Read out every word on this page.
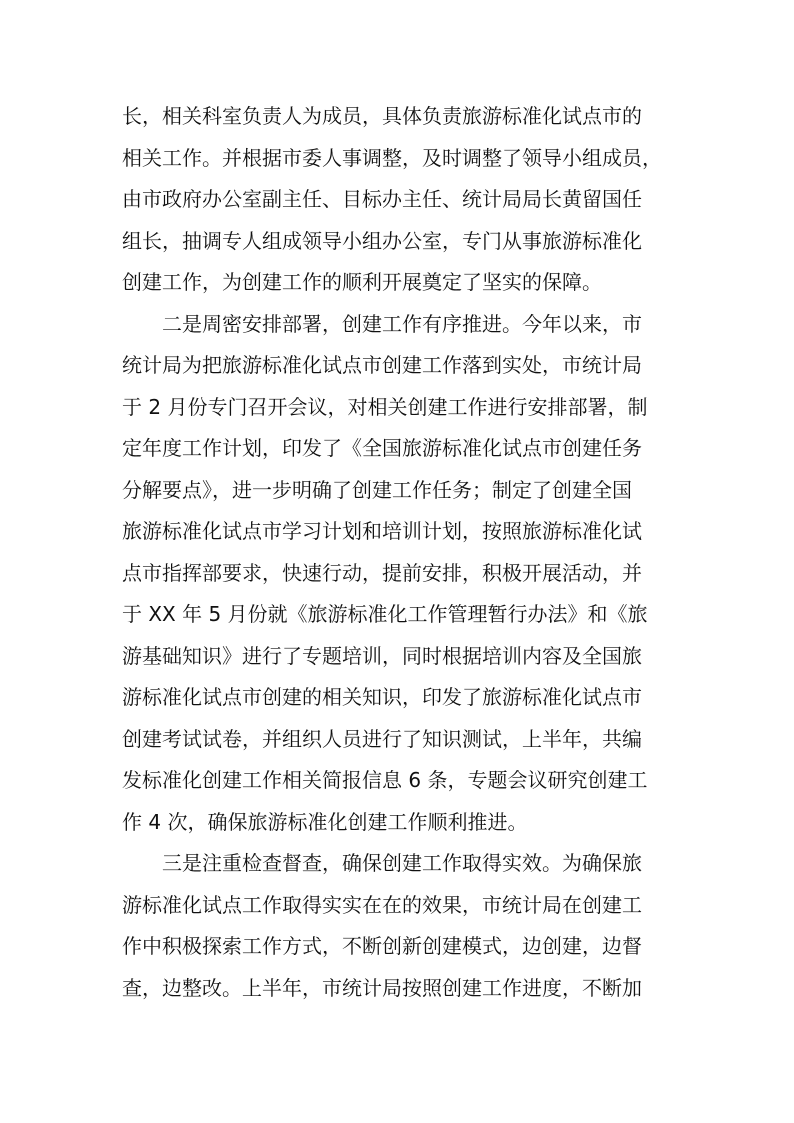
长，相关科室负责人为成员，具体负责旅游标准化试点市的
相关工作。并根据市委人事调整，及时调整了领导小组成员，
由市政府办公室副主任、目标办主任、统计局局长黄留国任
组长，抽调专人组成领导小组办公室，专门从事旅游标准化
创建工作，为创建工作的顺利开展奠定了坚实的保障。
二是周密安排部署，创建工作有序推进。今年以来，市
统计局为把旅游标准化试点市创建工作落到实处，市统计局
于 2 月份专门召开会议，对相关创建工作进行安排部署，制
定年度工作计划，印发了《全国旅游标准化试点市创建任务
分解要点》，进一步明确了创建工作任务；制定了创建全国
旅游标准化试点市学习计划和培训计划，按照旅游标准化试
点市指挥部要求，快速行动，提前安排，积极开展活动，并
于 XX 年 5 月份就《旅游标准化工作管理暂行办法》和《旅
游基础知识》进行了专题培训，同时根据培训内容及全国旅
游标准化试点市创建的相关知识，印发了旅游标准化试点市
创建考试试卷，并组织人员进行了知识测试，上半年，共编
发标准化创建工作相关简报信息 6 条，专题会议研究创建工
作 4 次，确保旅游标准化创建工作顺利推进。
三是注重检查督查，确保创建工作取得实效。为确保旅
游标准化试点工作取得实实在在的效果，市统计局在创建工
作中积极探索工作方式，不断创新创建模式，边创建，边督
查，边整改。上半年，市统计局按照创建工作进度，不断加
